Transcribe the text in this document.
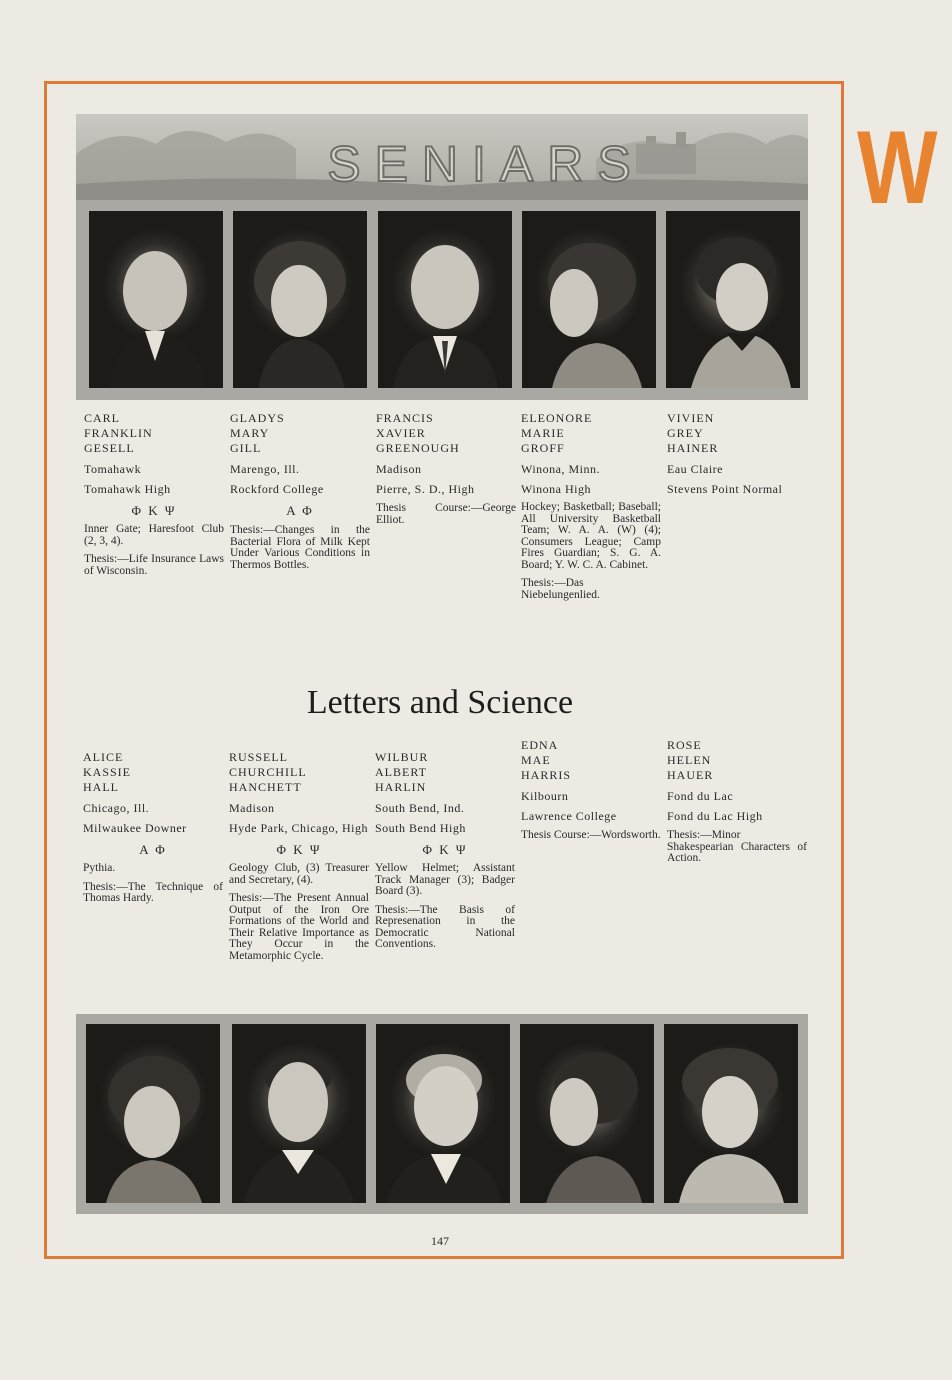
W
SENIARS

CARL

FRANKLIN

GESELL

Tomahawk

Tomahawk High

Φ K Ψ

Inner Gate; Haresfoot Club (2, 3, 4).

Thesis:—Life Insurance Laws of Wisconsin.

GLADYS

MARY

GILL

Marengo, Ill.

Rockford College

A Φ

Thesis:—Changes in the Bacterial Flora of Milk Kept Under Various Conditions in Thermos Bottles.

FRANCIS

XAVIER

GREENOUGH

Madison

Pierre, S. D., High

Thesis Course:—George Elliot.

ELEONORE

MARIE

GROFF

Winona, Minn.

Winona High

Hockey; Basketball; Baseball; All University Basketball Team; W. A. A. (W) (4); Consumers League; Camp Fires Guardian; S. G. A. Board; Y. W. C. A. Cabinet.

Thesis:—Das Niebelungenlied.

VIVIEN

GREY

HAINER

Eau Claire

Stevens Point Normal

Letters and Science

ALICE

KASSIE

HALL

Chicago, Ill.

Milwaukee Downer

A Φ

Pythia.

Thesis:—The Technique of Thomas Hardy.

RUSSELL

CHURCHILL

HANCHETT

Madison

Hyde Park, Chicago, High

Φ K Ψ

Geology Club, (3) Treasurer and Secretary, (4).

Thesis:—The Present Annual Output of the Iron Ore Formations of the World and Their Relative Importance as They Occur in the Metamorphic Cycle.

WILBUR

ALBERT

HARLIN

South Bend, Ind.

South Bend High

Φ K Ψ

Yellow Helmet; Assistant Track Manager (3); Badger Board (3).

Thesis:—The Basis of Represenation in the Democratic National Conventions.

EDNA

MAE

HARRIS

Kilbourn

Lawrence College

Thesis Course:—Wordsworth.

ROSE

HELEN

HAUER

Fond du Lac

Fond du Lac High

Thesis:—Minor Shakespearian Characters of Action.

147
